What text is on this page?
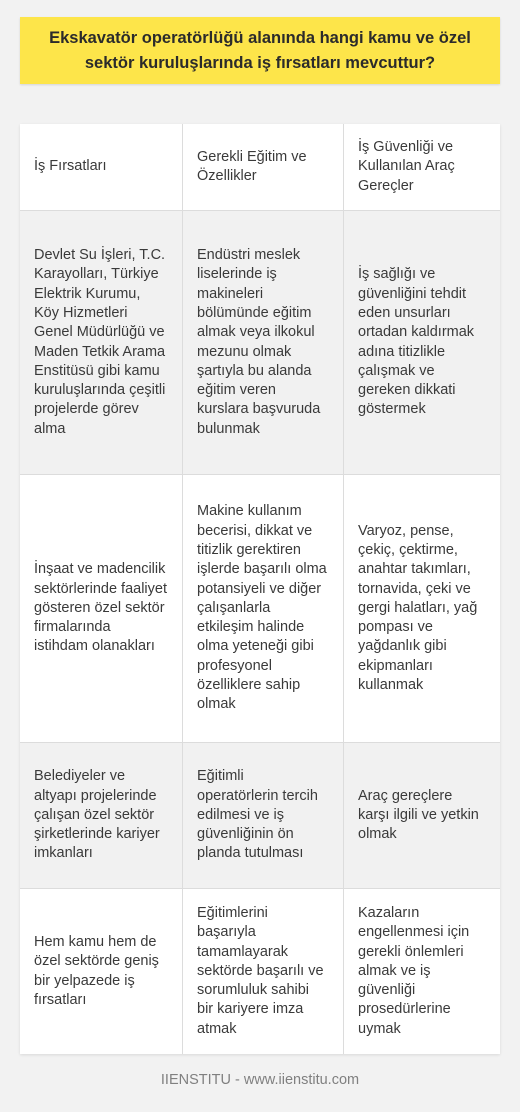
Ekskavatör operatörlüğü alanında hangi kamu ve özel sektör kuruluşlarında iş fırsatları mevcuttur?
İş Fırsatları
Gerekli Eğitim ve Özellikler
İş Güvenliği ve Kullanılan Araç Gereçler
Devlet Su İşleri, T.C. Karayolları, Türkiye Elektrik Kurumu, Köy Hizmetleri Genel Müdürlüğü ve Maden Tetkik Arama Enstitüsü gibi kamu kuruluşlarında çeşitli projelerde görev alma
Endüstri meslek liselerinde iş makineleri bölümünde eğitim almak veya ilkokul mezunu olmak şartıyla bu alanda eğitim veren kurslara başvuruda bulunmak
İş sağlığı ve güvenliğini tehdit eden unsurları ortadan kaldırmak adına titizlikle çalışmak ve gereken dikkati göstermek
İnşaat ve madencilik sektörlerinde faaliyet gösteren özel sektör firmalarında istihdam olanakları
Makine kullanım becerisi, dikkat ve titizlik gerektiren işlerde başarılı olma potansiyeli ve diğer çalışanlarla etkileşim halinde olma yeteneği gibi profesyonel özelliklere sahip olmak
Varyoz, pense, çekiç, çektirme, anahtar takımları, tornavida, çeki ve gergi halatları, yağ pompası ve yağdanlık gibi ekipmanları kullanmak
Belediyeler ve altyapı projelerinde çalışan özel sektör şirketlerinde kariyer imkanları
Eğitimli operatörlerin tercih edilmesi ve iş güvenliğinin ön planda tutulması
Araç gereçlere karşı ilgili ve yetkin olmak
Hem kamu hem de özel sektörde geniş bir yelpazede iş fırsatları
Eğitimlerini başarıyla tamamlayarak sektörde başarılı ve sorumluluk sahibi bir kariyere imza atmak
Kazaların engellenmesi için gerekli önlemleri almak ve iş güvenliği prosedürlerine uymak
IIENSTITU - www.iienstitu.com
